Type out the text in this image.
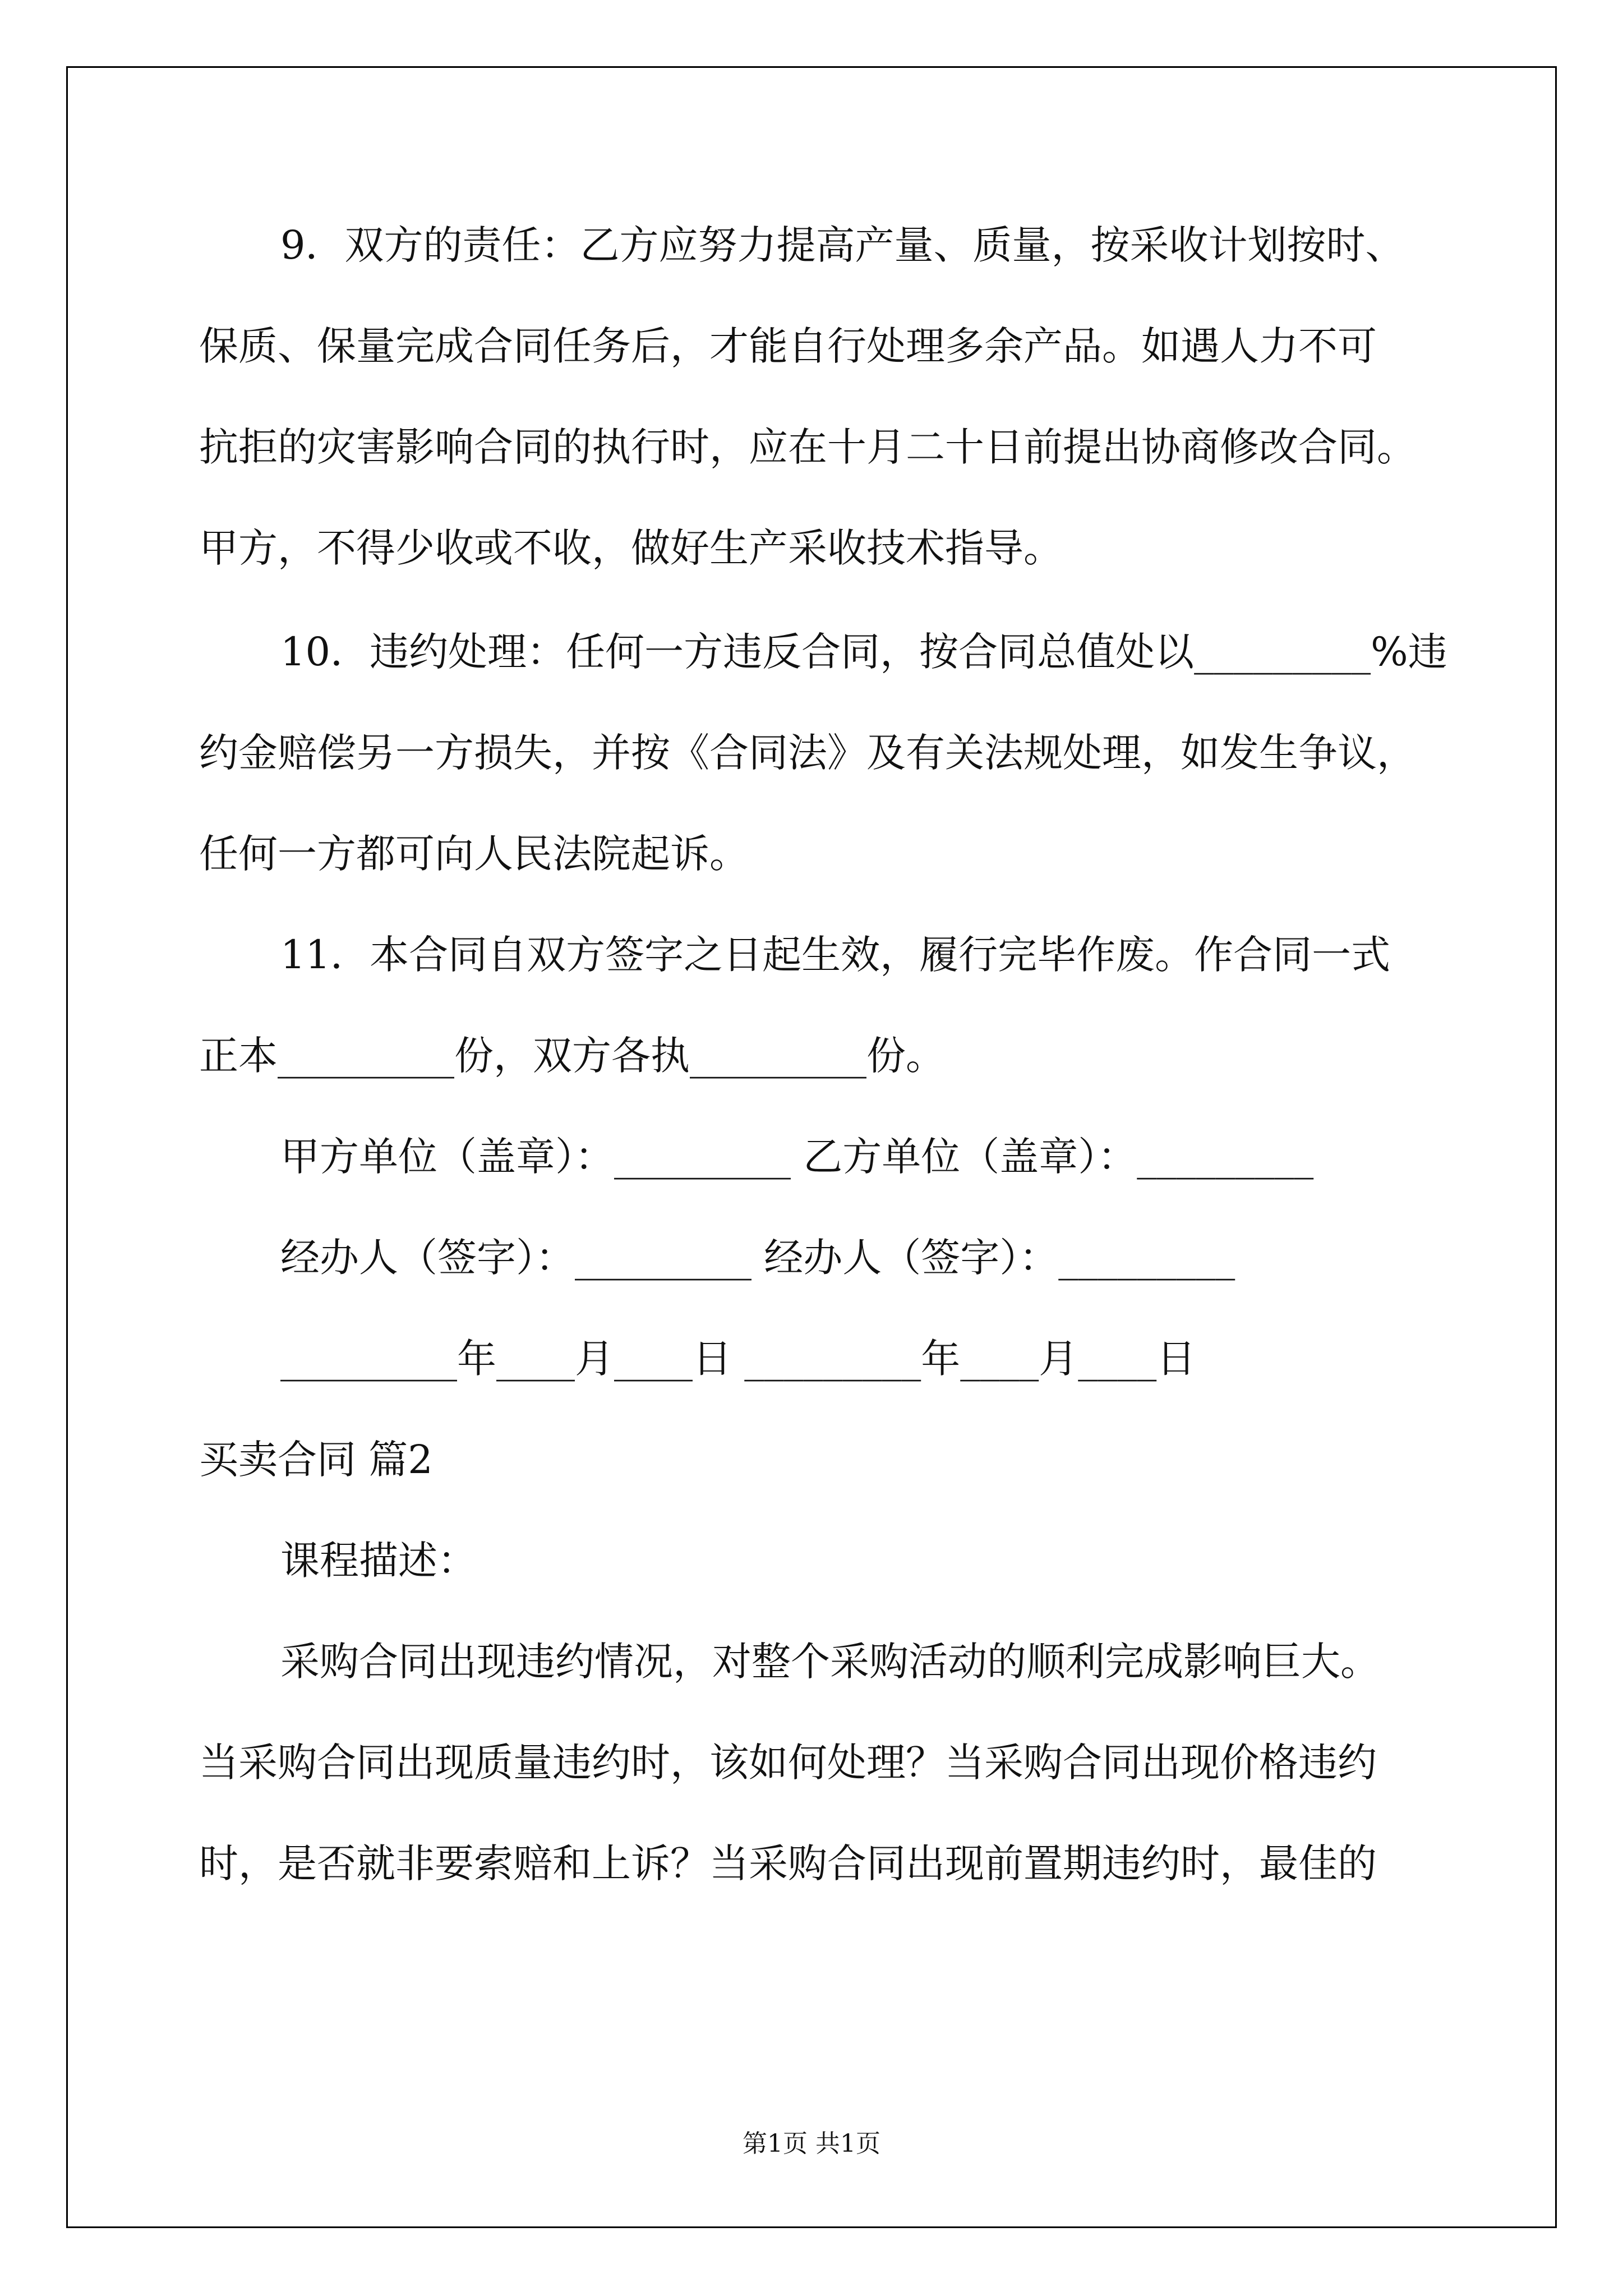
9．双方的责任：乙方应努力提高产量、质量，按采收计划按时、
保质、保量完成合同任务后，才能自行处理多余产品。如遇人力不可
抗拒的灾害影响合同的执行时，应在十月二十日前提出协商修改合同。
甲方，不得少收或不收，做好生产采收技术指导。
10．违约处理：任何一方违反合同，按合同总值处以_________%违
约金赔偿另一方损失，并按《合同法》及有关法规处理，如发生争议，
任何一方都可向人民法院起诉。
11．本合同自双方签字之日起生效，履行完毕作废。作合同一式
正本_________份，双方各执_________份。
甲方单位（盖章）：_________ 乙方单位（盖章）：_________
经办人（签字）：_________ 经办人（签字）：_________
_________年____月____日 _________年____月____日
买卖合同 篇2
课程描述：
采购合同出现违约情况，对整个采购活动的顺利完成影响巨大。
当采购合同出现质量违约时，该如何处理？当采购合同出现价格违约
时，是否就非要索赔和上诉？当采购合同出现前置期违约时，最佳的
第1页 共1页
